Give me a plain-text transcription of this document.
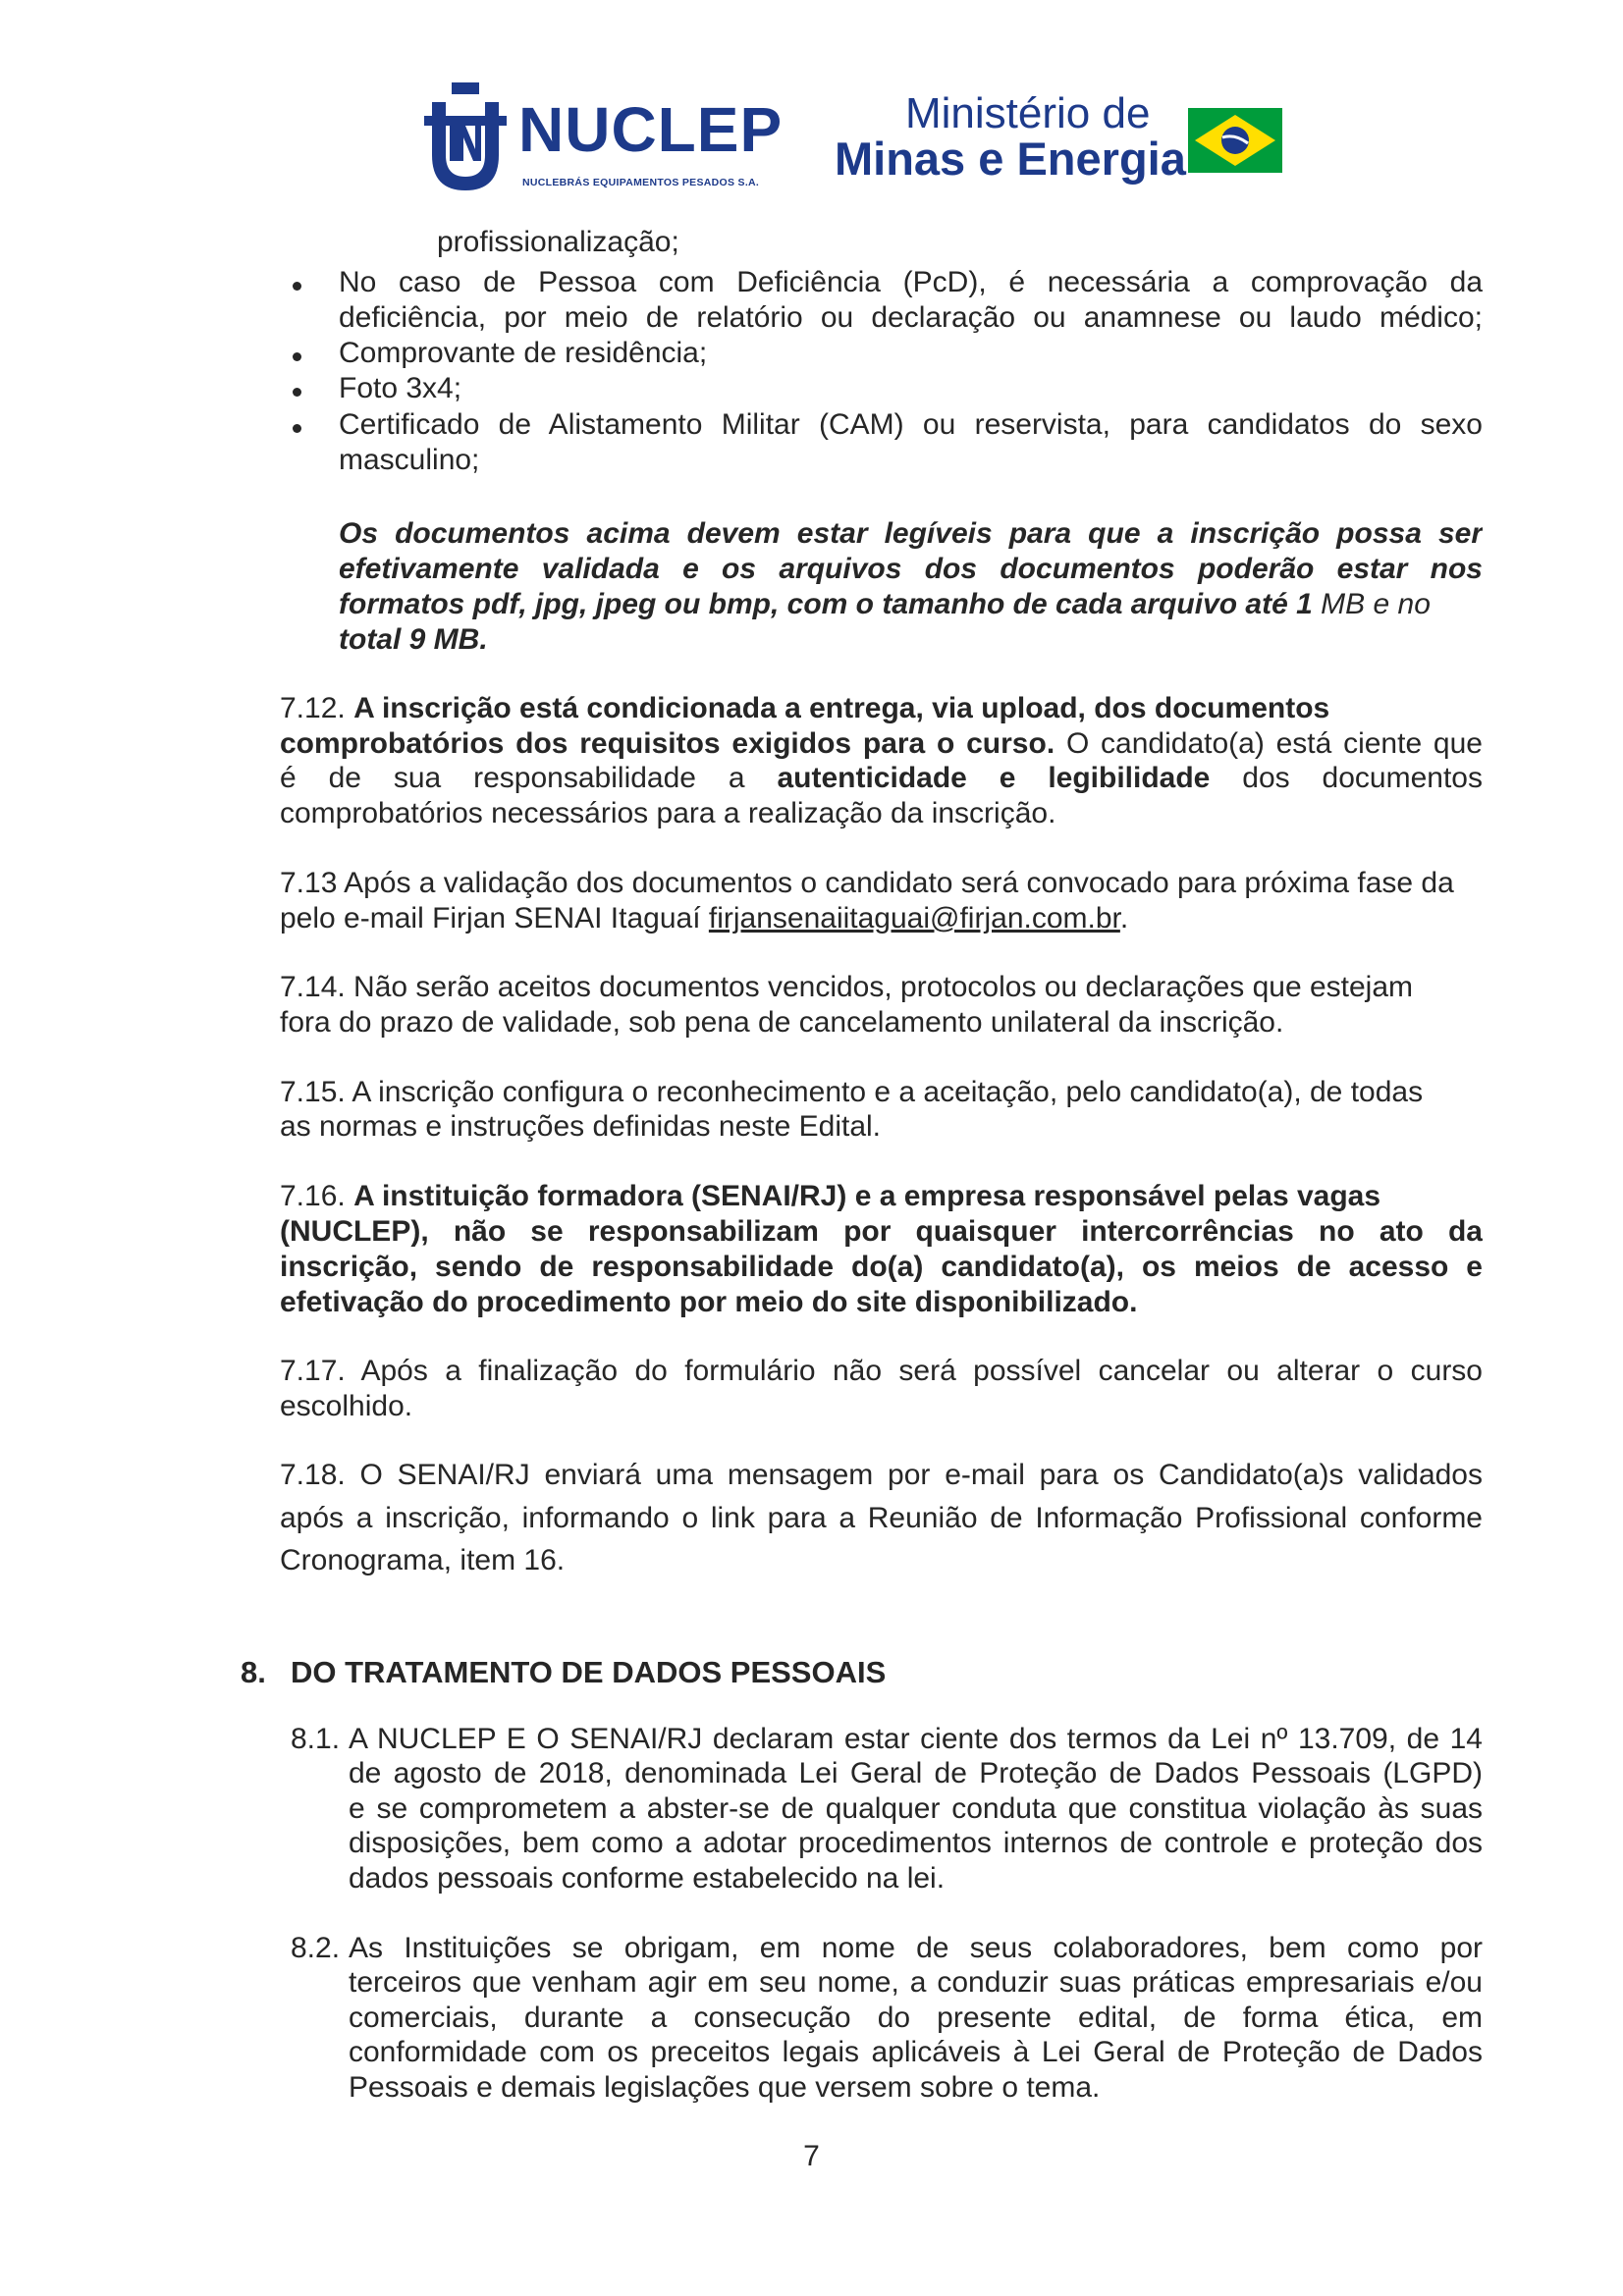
NUCLEP
NUCLEBRÁS EQUIPAMENTOS PESADOS S.A.
Ministério de
Minas e Energia
profissionalização;
No caso de Pessoa com Deficiência (PcD), é necessária a comprovação da deficiência, por meio de relatório ou declaração ou anamnese ou laudo médico;
Comprovante de residência;
Foto 3x4;
Certificado de Alistamento Militar (CAM) ou reservista, para candidatos do sexo masculino;
Os documentos acima devem estar legíveis para que a inscrição possa ser
efetivamente validada e os arquivos dos documentos poderão estar nos
formatos pdf, jpg, jpeg ou bmp, com o tamanho de cada arquivo até 1 MB e no
total 9 MB.
7.12. A inscrição está condicionada a entrega, via upload, dos documentos
comprobatórios dos requisitos exigidos para o curso. O candidato(a) está ciente que
é de sua responsabilidade a autenticidade e legibilidade dos documentos
comprobatórios necessários para a realização da inscrição.
7.13 Após a validação dos documentos o candidato será convocado para próxima fase da
pelo e-mail Firjan SENAI Itaguaí firjansenaiitaguai@firjan.com.br.
7.14. Não serão aceitos documentos vencidos, protocolos ou declarações que estejam
fora do prazo de validade, sob pena de cancelamento unilateral da inscrição.
7.15. A inscrição configura o reconhecimento e a aceitação, pelo candidato(a), de todas
as normas e instruções definidas neste Edital.
7.16. A instituição formadora (SENAI/RJ) e a empresa responsável pelas vagas
(NUCLEP), não se responsabilizam por quaisquer intercorrências no ato da
inscrição, sendo de responsabilidade do(a) candidato(a), os meios de acesso e
efetivação do procedimento por meio do site disponibilizado.
7.17. Após a finalização do formulário não será possível cancelar ou alterar o curso
escolhido.
7.18. O SENAI/RJ enviará uma mensagem por e-mail para os Candidato(a)s validados
após a inscrição, informando o link para a Reunião de Informação Profissional conforme
Cronograma, item 16.
8. DO TRATAMENTO DE DADOS PESSOAIS
8.1. A NUCLEP E O SENAI/RJ declaram estar ciente dos termos da Lei nº 13.709, de 14
de agosto de 2018, denominada Lei Geral de Proteção de Dados Pessoais (LGPD)
e se comprometem a abster-se de qualquer conduta que constitua violação às suas
disposições, bem como a adotar procedimentos internos de controle e proteção dos
dados pessoais conforme estabelecido na lei.
8.2. As Instituições se obrigam, em nome de seus colaboradores, bem como por
terceiros que venham agir em seu nome, a conduzir suas práticas empresariais e/ou
comerciais, durante a consecução do presente edital, de forma ética, em
conformidade com os preceitos legais aplicáveis à Lei Geral de Proteção de Dados
Pessoais e demais legislações que versem sobre o tema.
7
